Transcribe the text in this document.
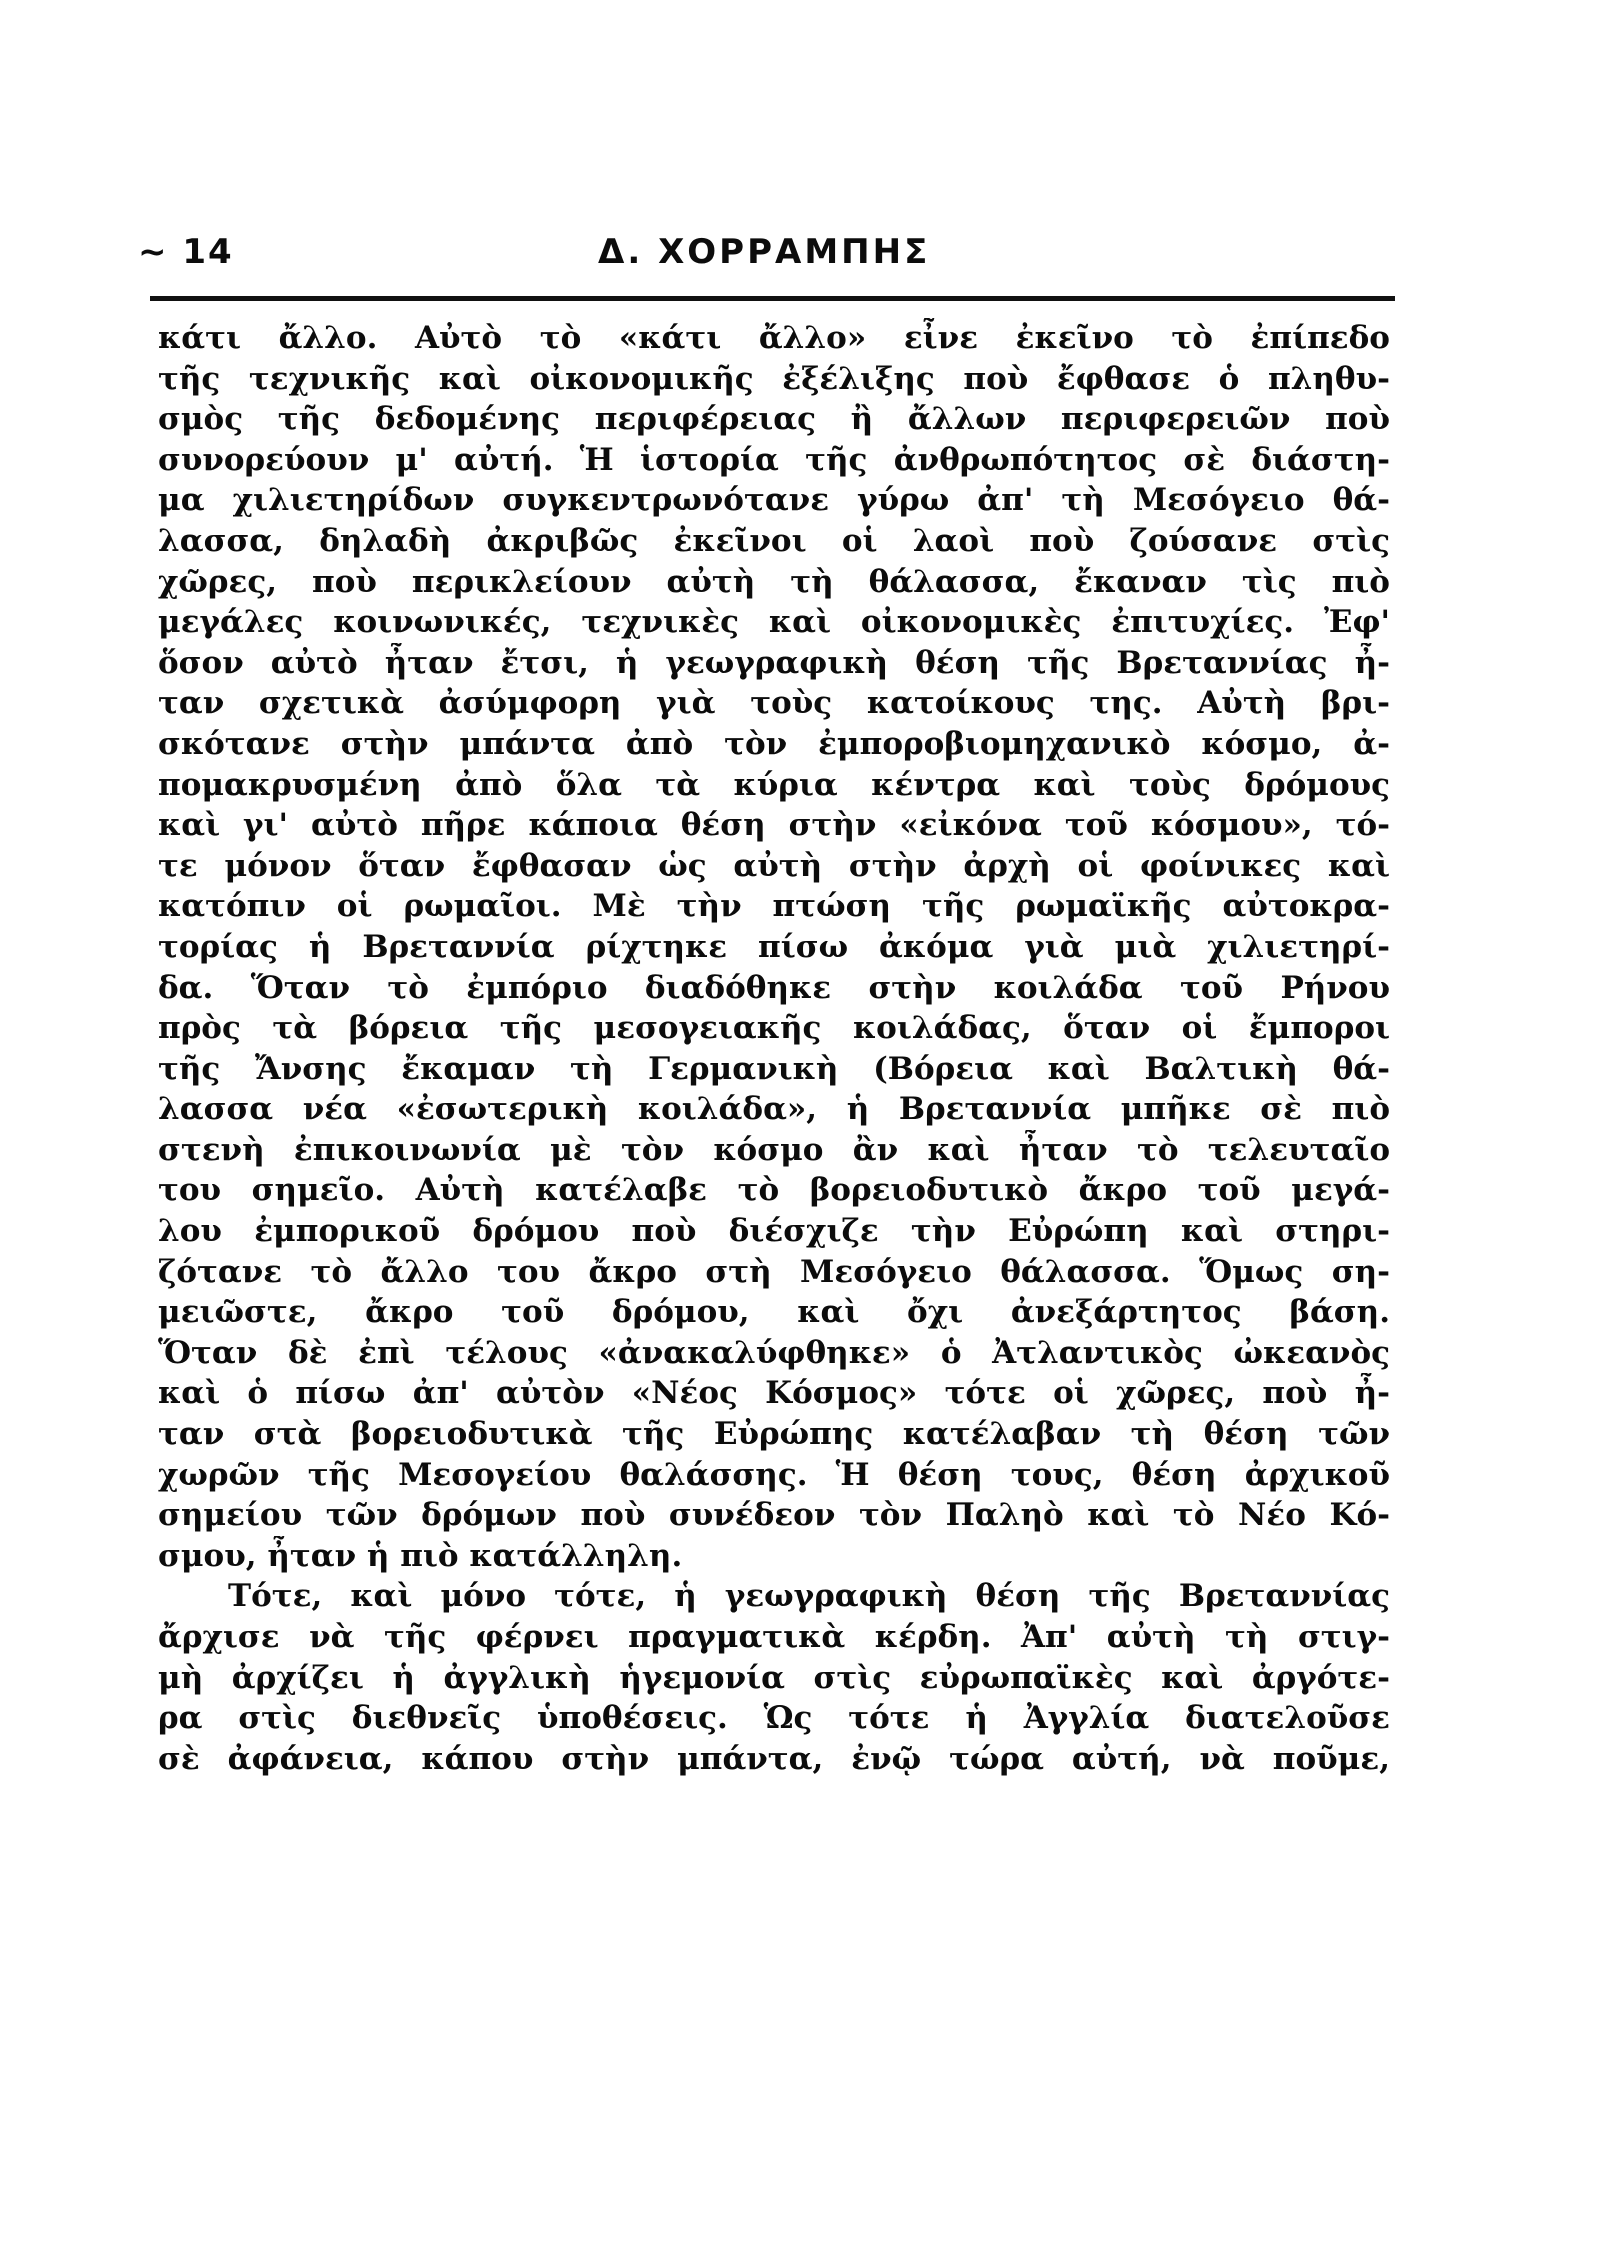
~ 14	Δ. ΧΟΡΡΑΜΠΗΣ
κάτι ἄλλο. Αὐτὸ τὸ «κάτι ἄλλο» εἶνε ἐκεῖνο τὸ ἐπίπεδο
τῆς τεχνικῆς καὶ οἰκονομικῆς ἐξέλιξης ποὺ ἔφθασε ὁ πληθυ-
σμὸς τῆς δεδομένης περιφέρειας ἢ ἄλλων περιφερειῶν ποὺ
συνορεύουν μ' αὐτή. Ἡ ἱστορία τῆς ἀνθρωπότητος σὲ διάστη-
μα χιλιετηρίδων συγκεντρωνότανε γύρω ἀπ' τὴ Μεσόγειο θά-
λασσα, δηλαδὴ ἀκριβῶς ἐκεῖνοι οἱ λαοὶ ποὺ ζούσανε στὶς
χῶρες, ποὺ περικλείουν αὐτὴ τὴ θάλασσα, ἔκαναν τὶς πιὸ
μεγάλες κοινωνικές, τεχνικὲς καὶ οἰκονομικὲς ἐπιτυχίες. Ἐφ'
ὅσον αὐτὸ ἦταν ἔτσι, ἡ γεωγραφικὴ θέση τῆς Βρεταννίας ἦ-
ταν σχετικὰ ἀσύμφορη γιὰ τοὺς κατοίκους της. Αὐτὴ βρι-
σκότανε στὴν μπάντα ἀπὸ τὸν ἐμποροβιομηχανικὸ κόσμο, ἀ-
πομακρυσμένη ἀπὸ ὅλα τὰ κύρια κέντρα καὶ τοὺς δρόμους
καὶ γι' αὐτὸ πῆρε κάποια θέση στὴν «εἰκόνα τοῦ κόσμου», τό-
τε μόνον ὅταν ἔφθασαν ὡς αὐτὴ στὴν ἀρχὴ οἱ φοίνικες καὶ
κατόπιν οἱ ρωμαῖοι. Μὲ τὴν πτώση τῆς ρωμαϊκῆς αὐτοκρα-
τορίας ἡ Βρεταννία ρίχτηκε πίσω ἀκόμα γιὰ μιὰ χιλιετηρί-
δα. Ὅταν τὸ ἐμπόριο διαδόθηκε στὴν κοιλάδα τοῦ Ρήνου
πρὸς τὰ βόρεια τῆς μεσογειακῆς κοιλάδας, ὅταν οἱ ἔμποροι
τῆς Ἄνσης ἔκαμαν τὴ Γερμανικὴ (Βόρεια καὶ Βαλτικὴ θά-
λασσα νέα «ἐσωτερικὴ κοιλάδα», ἡ Βρεταννία μπῆκε σὲ πιὸ
στενὴ ἐπικοινωνία μὲ τὸν κόσμο ἂν καὶ ἦταν τὸ τελευταῖο
του σημεῖο. Αὐτὴ κατέλαβε τὸ βορειοδυτικὸ ἄκρο τοῦ μεγά-
λου ἐμπορικοῦ δρόμου ποὺ διέσχιζε τὴν Εὐρώπη καὶ στηρι-
ζότανε τὸ ἄλλο του ἄκρο στὴ Μεσόγειο θάλασσα. Ὅμως ση-
μειῶστε, ἄκρο τοῦ δρόμου, καὶ ὄχι ἀνεξάρτητος βάση.
Ὅταν δὲ ἐπὶ τέλους «ἀνακαλύφθηκε» ὁ Ἀτλαντικὸς ὠκεανὸς
καὶ ὁ πίσω ἀπ' αὐτὸν «Νέος Κόσμος» τότε οἱ χῶρες, ποὺ ἦ-
ταν στὰ βορειοδυτικὰ τῆς Εὐρώπης κατέλαβαν τὴ θέση τῶν
χωρῶν τῆς Μεσογείου θαλάσσης. Ἡ θέση τους, θέση ἀρχικοῦ
σημείου τῶν δρόμων ποὺ συνέδεον τὸν Παληὸ καὶ τὸ Νέο Κό-
σμου, ἦταν ἡ πιὸ κατάλληλη.
Τότε, καὶ μόνο τότε, ἡ γεωγραφικὴ θέση τῆς Βρεταννίας
ἄρχισε νὰ τῆς φέρνει πραγματικὰ κέρδη. Ἀπ' αὐτὴ τὴ στιγ-
μὴ ἀρχίζει ἡ ἀγγλικὴ ἡγεμονία στὶς εὐρωπαϊκὲς καὶ ἀργότε-
ρα στὶς διεθνεῖς ὑποθέσεις. Ὡς τότε ἡ Ἀγγλία διατελοῦσε
σὲ ἀφάνεια, κάπου στὴν μπάντα, ἐνῷ τώρα αὐτή, νὰ ποῦμε,
